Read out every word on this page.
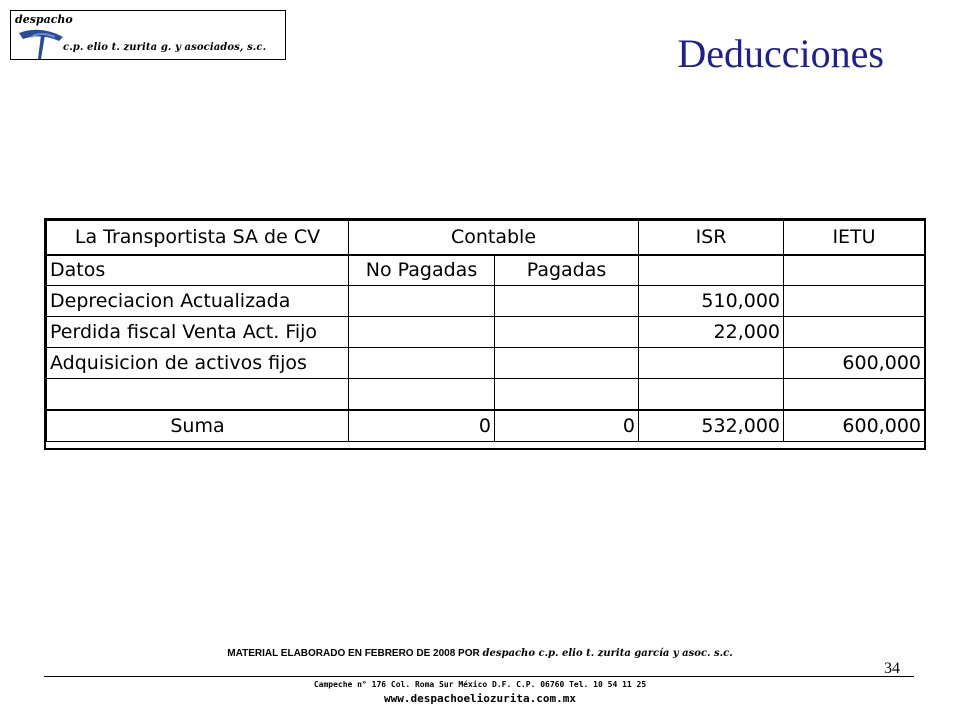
despacho
c.p. elio t. zurita g. y asociados, s.c.	Deducciones
La Transportista SA de CV	Contable		ISR	IETU
Datos	No Pagadas	Pagadas		
Depreciacion Actualizada			510,000	
Perdida fiscal Venta Act. Fijo			22,000	
Adquisicion de activos fijos				600,000

Suma	0	0	532,000	600,000
MATERIAL ELABORADO EN FEBRERO DE 2008 POR despacho c.p. elio t. zurita garcía y asoc. s.c.
34
Campeche n° 176 Col. Roma Sur México D.F. C.P. 06760 Tel. 10 54 11 25
www.despachoeliozurita.com.mx
